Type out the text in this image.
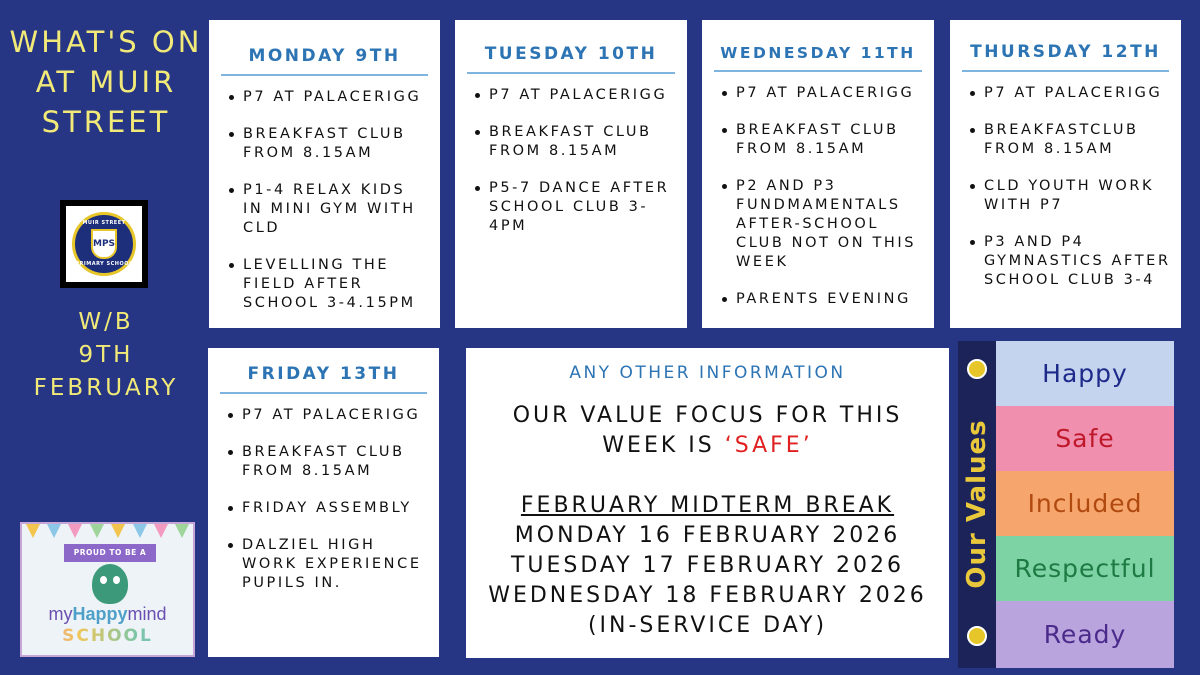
WHAT'S ON
AT MUIR
STREET
MUIR STREET
MPS
PRIMARY SCHOOL
W/B
9TH
FEBRUARY
MONDAY 9TH
P7 AT PALACERIGG
BREAKFAST CLUB FROM 8.15AM
P1-4 RELAX KIDS IN MINI GYM WITH CLD
LEVELLING THE FIELD AFTER SCHOOL 3-4.15PM
TUESDAY 10TH
P7 AT PALACERIGG
BREAKFAST CLUB FROM 8.15AM
P5-7 DANCE AFTER SCHOOL CLUB 3-4PM
WEDNESDAY 11TH
P7 AT PALACERIGG
BREAKFAST CLUB FROM 8.15AM
P2 AND P3 FUNDMAMENTALS AFTER-SCHOOL CLUB NOT ON THIS WEEK
PARENTS EVENING
THURSDAY 12TH
P7 AT PALACERIGG
BREAKFASTCLUB FROM 8.15AM
CLD YOUTH WORK WITH P7
P3 AND P4 GYMNASTICS AFTER SCHOOL CLUB 3-4
FRIDAY 13TH
P7 AT PALACERIGG
BREAKFAST CLUB FROM 8.15AM
FRIDAY ASSEMBLY
DALZIEL HIGH WORK EXPERIENCE PUPILS IN.
ANY OTHER INFORMATION
OUR VALUE FOCUS FOR THIS WEEK IS ‘SAFE’
FEBRUARY MIDTERM BREAK
MONDAY 16 FEBRUARY 2026
TUESDAY 17 FEBRUARY 2026
WEDNESDAY 18 FEBRUARY 2026 (IN-SERVICE DAY)
PROUD TO BE A
myHappymind
SCHOOL
Our Values
Happy
Safe
Included
Respectful
Ready
